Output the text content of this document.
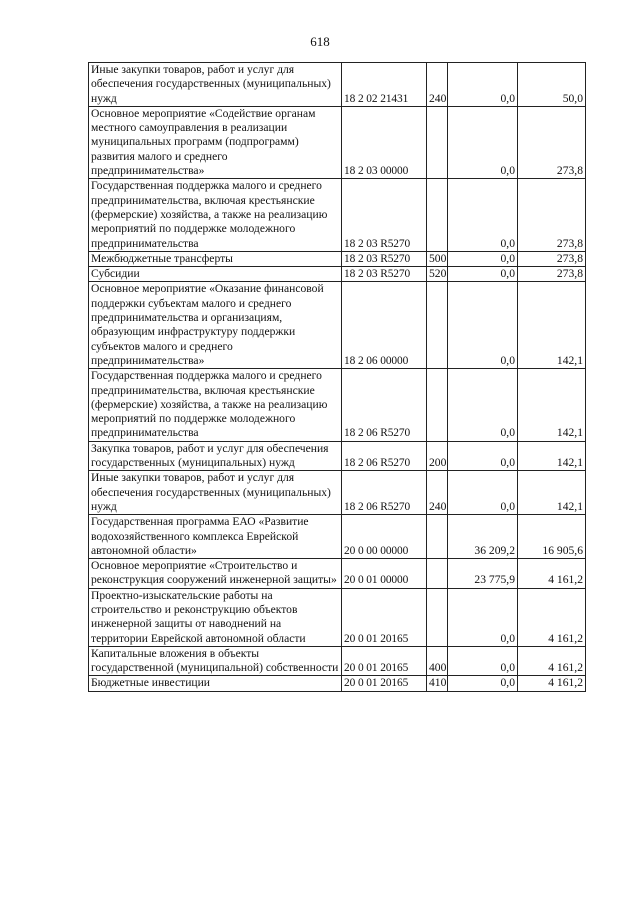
618
Иные закупки товаров, работ и услуг для обеспечения государственных (муниципальных) нужд	18 2 02 21431	240	0,0	50,0
Основное мероприятие «Содействие органам местного самоуправления в реализации муниципальных программ (подпрограмм) развития малого и среднего предпринимательства»	18 2 03 00000		0,0	273,8
Государственная поддержка малого и среднего предпринимательства, включая крестьянские (фермерские) хозяйства, а также на реализацию мероприятий по поддержке молодежного предпринимательства	18 2 03 R5270		0,0	273,8
Межбюджетные трансферты	18 2 03 R5270	500	0,0	273,8
Субсидии	18 2 03 R5270	520	0,0	273,8
Основное мероприятие «Оказание финансовой поддержки субъектам малого и среднего предпринимательства и организациям, образующим инфраструктуру поддержки субъектов малого и среднего предпринимательства»	18 2 06 00000		0,0	142,1
Государственная поддержка малого и среднего предпринимательства, включая крестьянские (фермерские) хозяйства, а также на реализацию мероприятий по поддержке молодежного предпринимательства	18 2 06 R5270		0,0	142,1
Закупка товаров, работ и услуг для обеспечения государственных (муниципальных) нужд	18 2 06 R5270	200	0,0	142,1
Иные закупки товаров, работ и услуг для обеспечения государственных (муниципальных) нужд	18 2 06 R5270	240	0,0	142,1
Государственная программа ЕАО «Развитие водохозяйственного комплекса Еврейской автономной области»	20 0 00 00000		36 209,2	16 905,6
Основное мероприятие «Строительство и реконструкция сооружений инженерной защиты»	20 0 01 00000		23 775,9	4 161,2
Проектно-изыскательские работы на строительство и реконструкцию объектов инженерной защиты от наводнений на территории Еврейской автономной области	20 0 01 20165		0,0	4 161,2
Капитальные вложения в объекты государственной (муниципальной) собственности	20 0 01 20165	400	0,0	4 161,2
Бюджетные инвестиции	20 0 01 20165	410	0,0	4 161,2
